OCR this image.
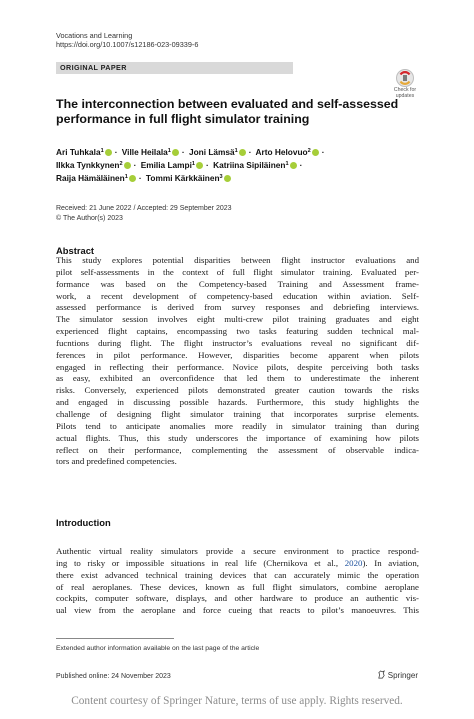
Vocations and Learning
https://doi.org/10.1007/s12186-023-09339-6
ORIGINAL PAPER
Check for
updates
The interconnection between evaluated and self-assessed
performance in full flight simulator training
Ari Tuhkala$^1$ · Ville Heilala$^1$ · Joni Lämsä$^1$ · Arto Helovuo$^2$ ·
Ilkka Tynkkynen$^2$ · Emilia Lampi$^1$ · Katriina Sipiläinen$^1$ ·
Raija Hämäläinen$^1$ · Tommi Kärkkäinen$^3$
Received: 21 June 2022 / Accepted: 29 September 2023
© The Author(s) 2023
Abstract
This study explores potential disparities between flight instructor evaluations and
pilot self-assessments in the context of full flight simulator training. Evaluated per-
formance was based on the Competency-based Training and Assessment frame-
work, a recent development of competency-based education within aviation. Self-
assessed performance is derived from survey responses and debriefing interviews.
The simulator session involves eight multi-crew pilot training graduates and eight
experienced flight captains, encompassing two tasks featuring sudden technical mal-
fucntions during flight. The flight instructor’s evaluations reveal no significant dif-
ferences in pilot performance. However, disparities become apparent when pilots
engaged in reflecting their performance. Novice pilots, despite perceiving both tasks
as easy, exhibited an overconfidence that led them to underestimate the inherent
risks. Conversely, experienced pilots demonstrated greater caution towards the risks
and engaged in discussing possible hazards. Furthermore, this study highlights the
challenge of designing flight simulator training that incorporates surprise elements.
Pilots tend to anticipate anomalies more readily in simulator training than during
actual flights. Thus, this study underscores the importance of examining how pilots
reflect on their performance, complementing the assessment of observable indica-
tors and predefined competencies.
Introduction
Authentic virtual reality simulators provide a secure environment to practice respond-
ing to risky or impossible situations in real life (Chernikova et al., 2020). In aviation,
there exist advanced technical training devices that can accurately mimic the operation
of real aeroplanes. These devices, known as full flight simulators, combine aeroplane
cockpits, computer software, displays, and other hardware to produce an authentic vis-
ual view from the aeroplane and force cueing that reacts to pilot’s manoeuvres. This
Extended author information available on the last page of the article
Published online: 24 November 2023	Springer
Content courtesy of Springer Nature, terms of use apply. Rights reserved.
